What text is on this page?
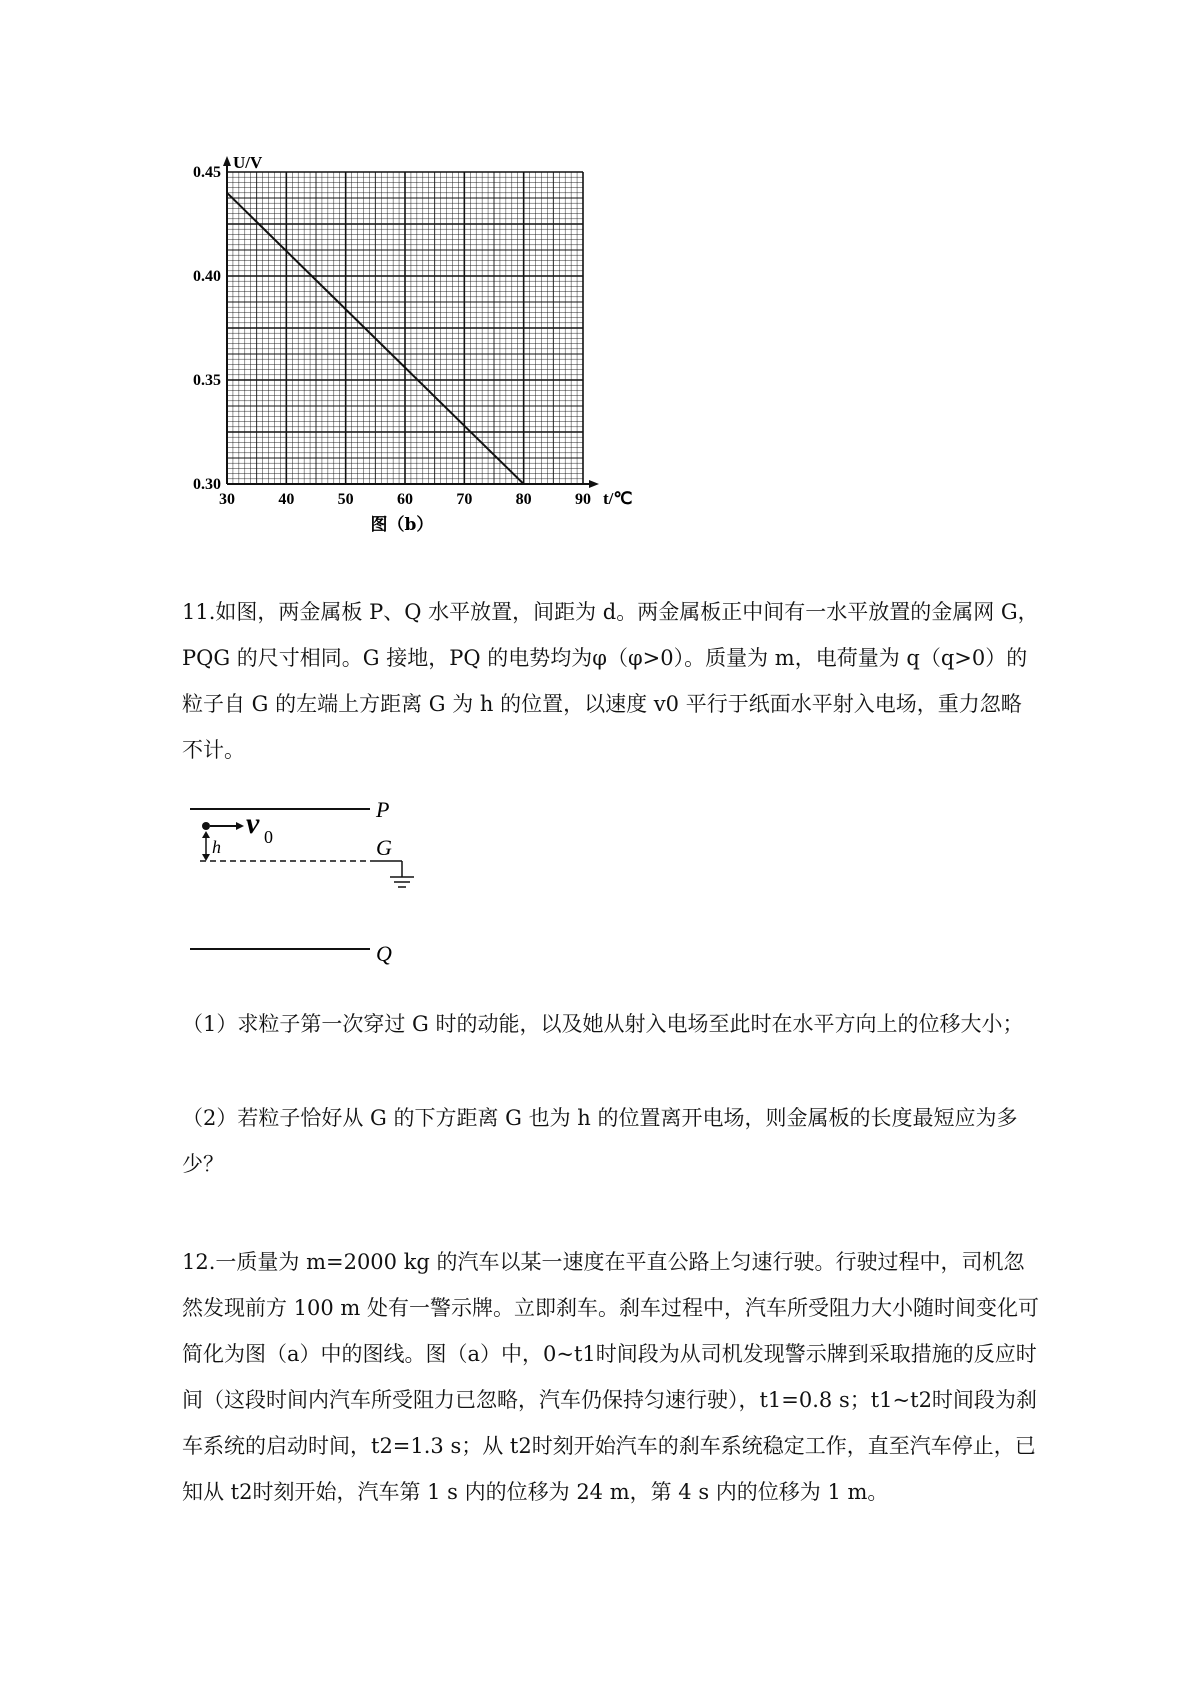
30	40	50	60	70	80	90
0.30
0.35
0.40
0.45
U/V
t/℃
图（b）

11.如图，两金属板 P、Q 水平放置，间距为 d。两金属板正中间有一水平放置的金属网 G，PQG 的尺寸相同。G 接地，PQ 的电势均为φ（φ>0）。质量为 m，电荷量为 q（q>0）的粒子自 G 的左端上方距离 G 为 h 的位置，以速度 v0 平行于纸面水平射入电场，重力忽略不计。

P
v 0
h	G
Q

（1）求粒子第一次穿过 G 时的动能，以及她从射入电场至此时在水平方向上的位移大小；

（2）若粒子恰好从 G 的下方距离 G 也为 h 的位置离开电场，则金属板的长度最短应为多少？

12.一质量为 m=2000 kg 的汽车以某一速度在平直公路上匀速行驶。行驶过程中，司机忽然发现前方 100 m 处有一警示牌。立即刹车。刹车过程中，汽车所受阻力大小随时间变化可简化为图（a）中的图线。图（a）中，0~t1时间段为从司机发现警示牌到采取措施的反应时间（这段时间内汽车所受阻力已忽略，汽车仍保持匀速行驶），t1=0.8 s；t1~t2时间段为刹车系统的启动时间，t2=1.3 s；从 t2时刻开始汽车的刹车系统稳定工作，直至汽车停止，已知从 t2时刻开始，汽车第 1 s 内的位移为 24 m，第 4 s 内的位移为 1 m。
